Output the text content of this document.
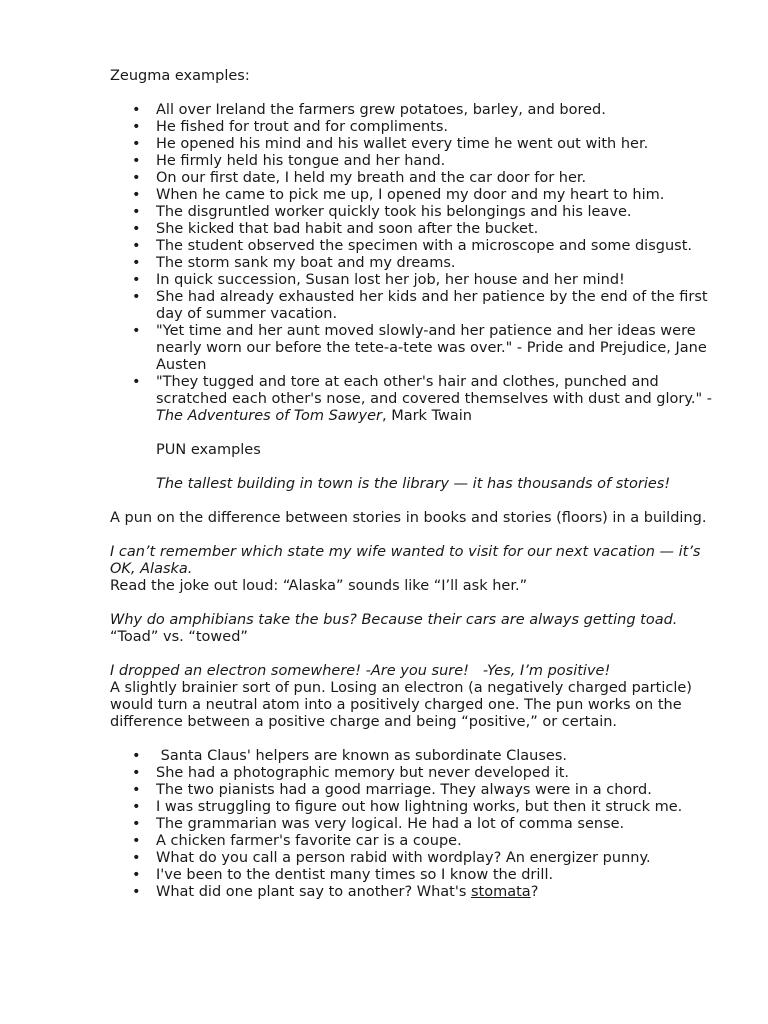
Zeugma examples:

• All over Ireland the farmers grew potatoes, barley, and bored.
• He fished for trout and for compliments.
• He opened his mind and his wallet every time he went out with her.
• He firmly held his tongue and her hand.
• On our first date, I held my breath and the car door for her.
• When he came to pick me up, I opened my door and my heart to him.
• The disgruntled worker quickly took his belongings and his leave.
• She kicked that bad habit and soon after the bucket.
• The student observed the specimen with a microscope and some disgust.
• The storm sank my boat and my dreams.
• In quick succession, Susan lost her job, her house and her mind!
• She had already exhausted her kids and her patience by the end of the first day of summer vacation.
• "Yet time and her aunt moved slowly-and her patience and her ideas were nearly worn our before the tete-a-tete was over." - Pride and Prejudice, Jane Austen
• "They tugged and tore at each other's hair and clothes, punched and scratched each other's nose, and covered themselves with dust and glory." - The Adventures of Tom Sawyer, Mark Twain

PUN examples

The tallest building in town is the library — it has thousands of stories!

A pun on the difference between stories in books and stories (floors) in a building.

I can’t remember which state my wife wanted to visit for our next vacation — it’s OK, Alaska.

Read the joke out loud: “Alaska” sounds like “I’ll ask her.”

Why do amphibians take the bus? Because their cars are always getting toad.

“Toad” vs. “towed”

I dropped an electron somewhere! -Are you sure!   -Yes, I’m positive!

A slightly brainier sort of pun. Losing an electron (a negatively charged particle) would turn a neutral atom into a positively charged one. The pun works on the difference between a positive charge and being “positive,” or certain.

•  Santa Claus' helpers are known as subordinate Clauses.
• She had a photographic memory but never developed it.
• The two pianists had a good marriage. They always were in a chord.
• I was struggling to figure out how lightning works, but then it struck me.
• The grammarian was very logical. He had a lot of comma sense.
• A chicken farmer's favorite car is a coupe.
• What do you call a person rabid with wordplay? An energizer punny.
• I've been to the dentist many times so I know the drill.
• What did one plant say to another? What's stomata?
